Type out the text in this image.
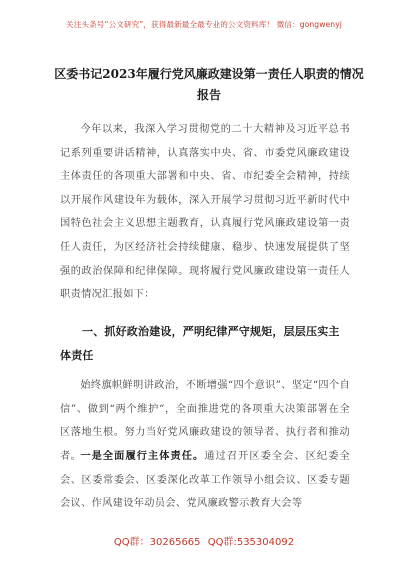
关注头条号“公文研究”，获得最新最全最专业的公文资料库！ 微信：gongwenyj
区委书记2023年履行党风廉政建设第一责任人职责的情况
报告
今年以来，我深入学习贯彻党的二十大精神及习近平总书记系列重要讲话精神，认真落实中央、省、市委党风廉政建设主体责任的各项重大部署和中央、省、市纪委全会精神，持续以开展作风建设年为载体，深入开展学习贯彻习近平新时代中国特色社会主义思想主题教育，认真履行党风廉政建设第一责任人责任，为区经济社会持续健康、稳步、快速发展提供了坚强的政治保障和纪律保障。现将履行党风廉政建设第一责任人职责情况汇报如下：
一、抓好政治建设，严明纪律严守规矩，层层压实主体责任
始终旗帜鲜明讲政治，不断增强“四个意识”、坚定“四个自信”、做到“两个维护”，全面推进党的各项重大决策部署在全区落地生根。努力当好党风廉政建设的领导者、执行者和推动者。 一是全面履行主体责任。通过召开区委全会、区纪委全会、区委常委会、区委深化改革工作领导小组会议、区委专题会议、作风建设年动员会、党风廉政警示教育大会等
QQ群：30265665 QQ群:535304092
